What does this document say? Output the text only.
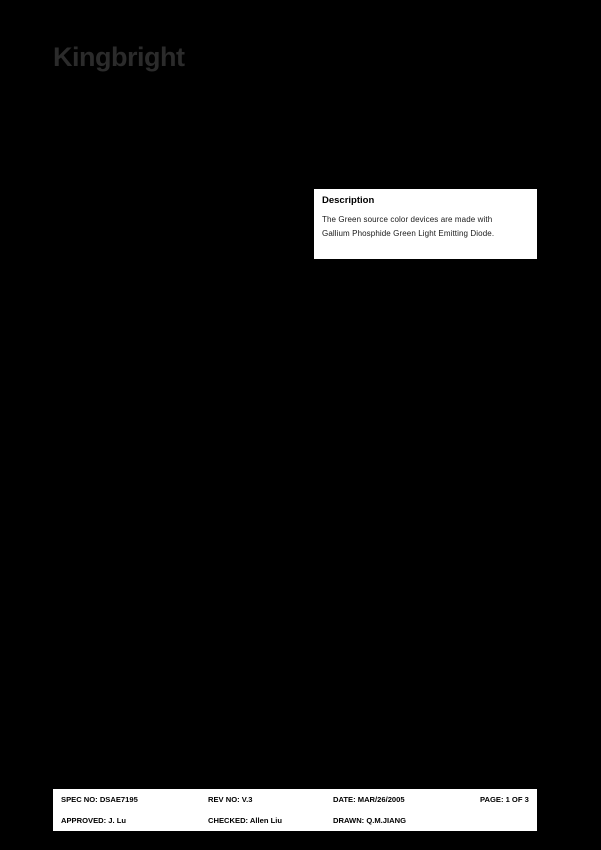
Kingbright
Description
The Green source color devices are made with
Gallium Phosphide Green Light Emitting Diode.
SPEC NO: DSAE7195	REV NO: V.3	DATE: MAR/26/2005	PAGE: 1 OF 3
APPROVED: J. Lu	CHECKED: Allen Liu	DRAWN: Q.M.JIANG
